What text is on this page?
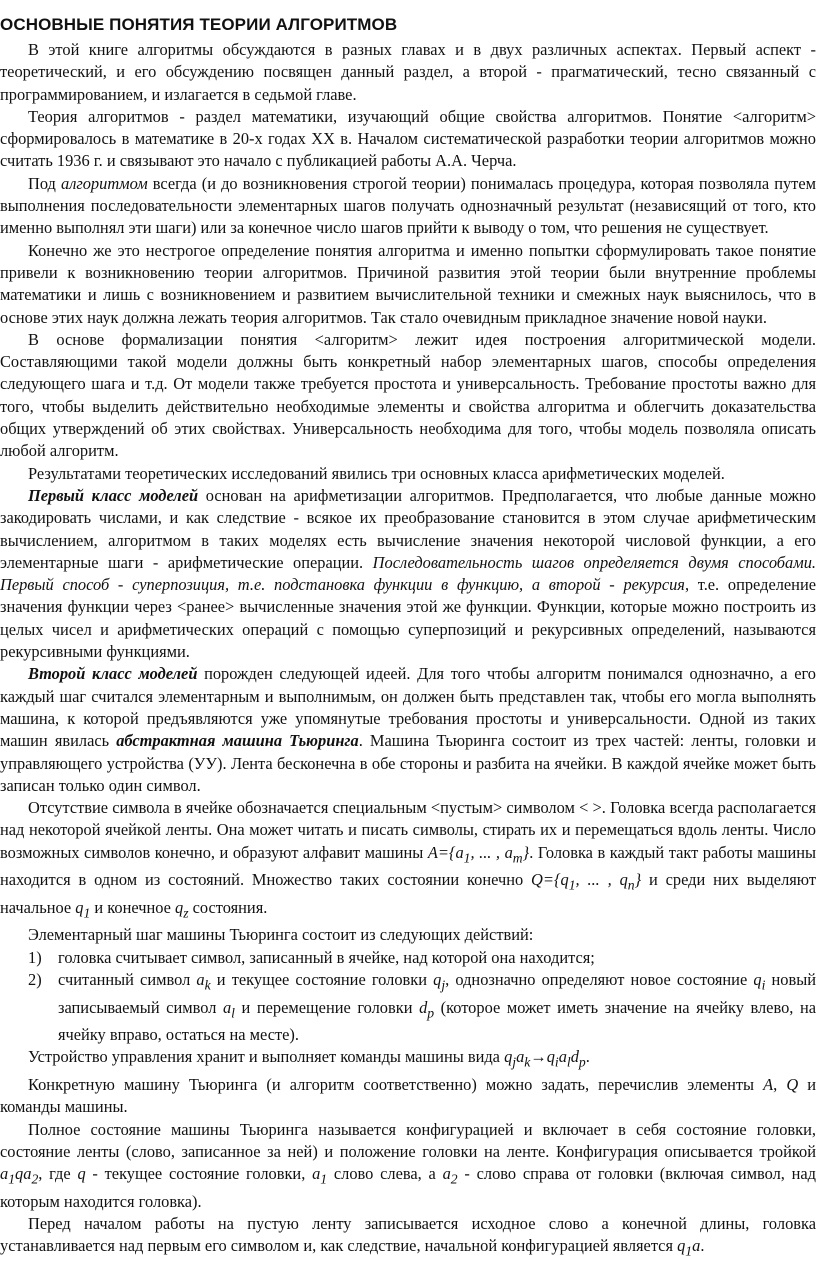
ОСНОВНЫЕ ПОНЯТИЯ ТЕОРИИ АЛГОРИТМОВ

В этой книге алгоритмы обсуждаются в разных главах и в двух различных аспектах. Первый аспект - теоретический, и его обсуждению посвящен данный раздел, а второй - прагматический, тесно связанный с программированием, и излагается в седьмой главе.

Теория алгоритмов - раздел математики, изучающий общие свойства алгоритмов. Понятие <алгоритм> сформировалось в математике в 20-х годах XX в. Началом систематической разработки теории алгоритмов можно считать 1936 г. и связывают это начало с публикацией работы А.А. Черча.

Под алгоритмом всегда (и до возникновения строгой теории) понималась процедура, которая позволяла путем выполнения последовательности элементарных шагов получать однозначный результат (независящий от того, кто именно выполнял эти шаги) или за конечное число шагов прийти к выводу о том, что решения не существует.

Конечно же это нестрогое определение понятия алгоритма и именно попытки сформулировать такое понятие привели к возникновению теории алгоритмов. Причиной развития этой теории были внутренние проблемы математики и лишь с возникновением и развитием вычислительной техники и смежных наук выяснилось, что в основе этих наук должна лежать теория алгоритмов. Так стало очевидным прикладное значение новой науки.

В основе формализации понятия <алгоритм> лежит идея построения алгоритмической модели. Составляющими такой модели должны быть конкретный набор элементарных шагов, способы определения следующего шага и т.д. От модели также требуется простота и универсальность. Требование простоты важно для того, чтобы выделить действительно необходимые элементы и свойства алгоритма и облегчить доказательства общих утверждений об этих свойствах. Универсальность необходима для того, чтобы модель позволяла описать любой алгоритм.

Результатами теоретических исследований явились три основных класса арифметических моделей.

Первый класс моделей основан на арифметизации алгоритмов. Предполагается, что любые данные можно закодировать числами, и как следствие - всякое их преобразование становится в этом случае арифметическим вычислением, алгоритмом в таких моделях есть вычисление значения некоторой числовой функции, а его элементарные шаги - арифметические операции. Последовательность шагов определяется двумя способами. Первый способ - суперпозиция, т.е. подстановка функции в функцию, а второй - рекурсия, т.е. определение значения функции через <ранее> вычисленные значения этой же функции. Функции, которые можно построить из целых чисел и арифметических операций с помощью суперпозиций и рекурсивных определений, называются рекурсивными функциями.

Второй класс моделей порожден следующей идеей. Для того чтобы алгоритм понимался однозначно, а его каждый шаг считался элементарным и выполнимым, он должен быть представлен так, чтобы его могла выполнять машина, к которой предъявляются уже упомянутые требования простоты и универсальности. Одной из таких машин явилась абстрактная машина Тьюринга. Машина Тьюринга состоит из трех частей: ленты, головки и управляющего устройства (УУ). Лента бесконечна в обе стороны и разбита на ячейки. В каждой ячейке может быть записан только один символ.

Отсутствие символа в ячейке обозначается специальным <пустым> символом < >. Головка всегда располагается над некоторой ячейкой ленты. Она может читать и писать символы, стирать их и перемещаться вдоль ленты. Число возможных символов конечно, и образуют алфавит машины $A=\{a_1$, ... , $a_m$}. Головка в каждый такт работы машины находится в одном из состояний. Множество таких состоянии конечно $Q=\{q_1$, ... , $q_n$} и среди них выделяют начальное $q_1$ и конечное $q_z$ состояния.

Элементарный шаг машины Тьюринга состоит из следующих действий:

1) головка считывает символ, записанный в ячейке, над которой она находится;
2) считанный символ $a_k$ и текущее состояние головки $q_j$, однозначно определяют новое состояние $q_i$ новый записываемый символ $a_l$ и перемещение головки $d_p$ (которое может иметь значение на ячейку влево, на ячейку вправо, остаться на месте).

Устройство управления хранит и выполняет команды машины вида $q_ja_k\to q_ia_ld_p$.

Конкретную машину Тьюринга (и алгоритм соответственно) можно задать, перечислив элементы A, Q и команды машины.

Полное состояние машины Тьюринга называется конфигурацией и включает в себя состояние головки, состояние ленты (слово, записанное за ней) и положение головки на ленте. Конфигурация описывается тройкой $a_1qa_2$, где q - текущее состояние головки, $a_1$ слово слева, а $a_2$ - слово справа от головки (включая символ, над которым находится головка).

Перед началом работы на пустую ленту записывается исходное слово a конечной длины, головка устанавливается над первым его символом и, как следствие, начальной конфигурацией является $q_1a$.
